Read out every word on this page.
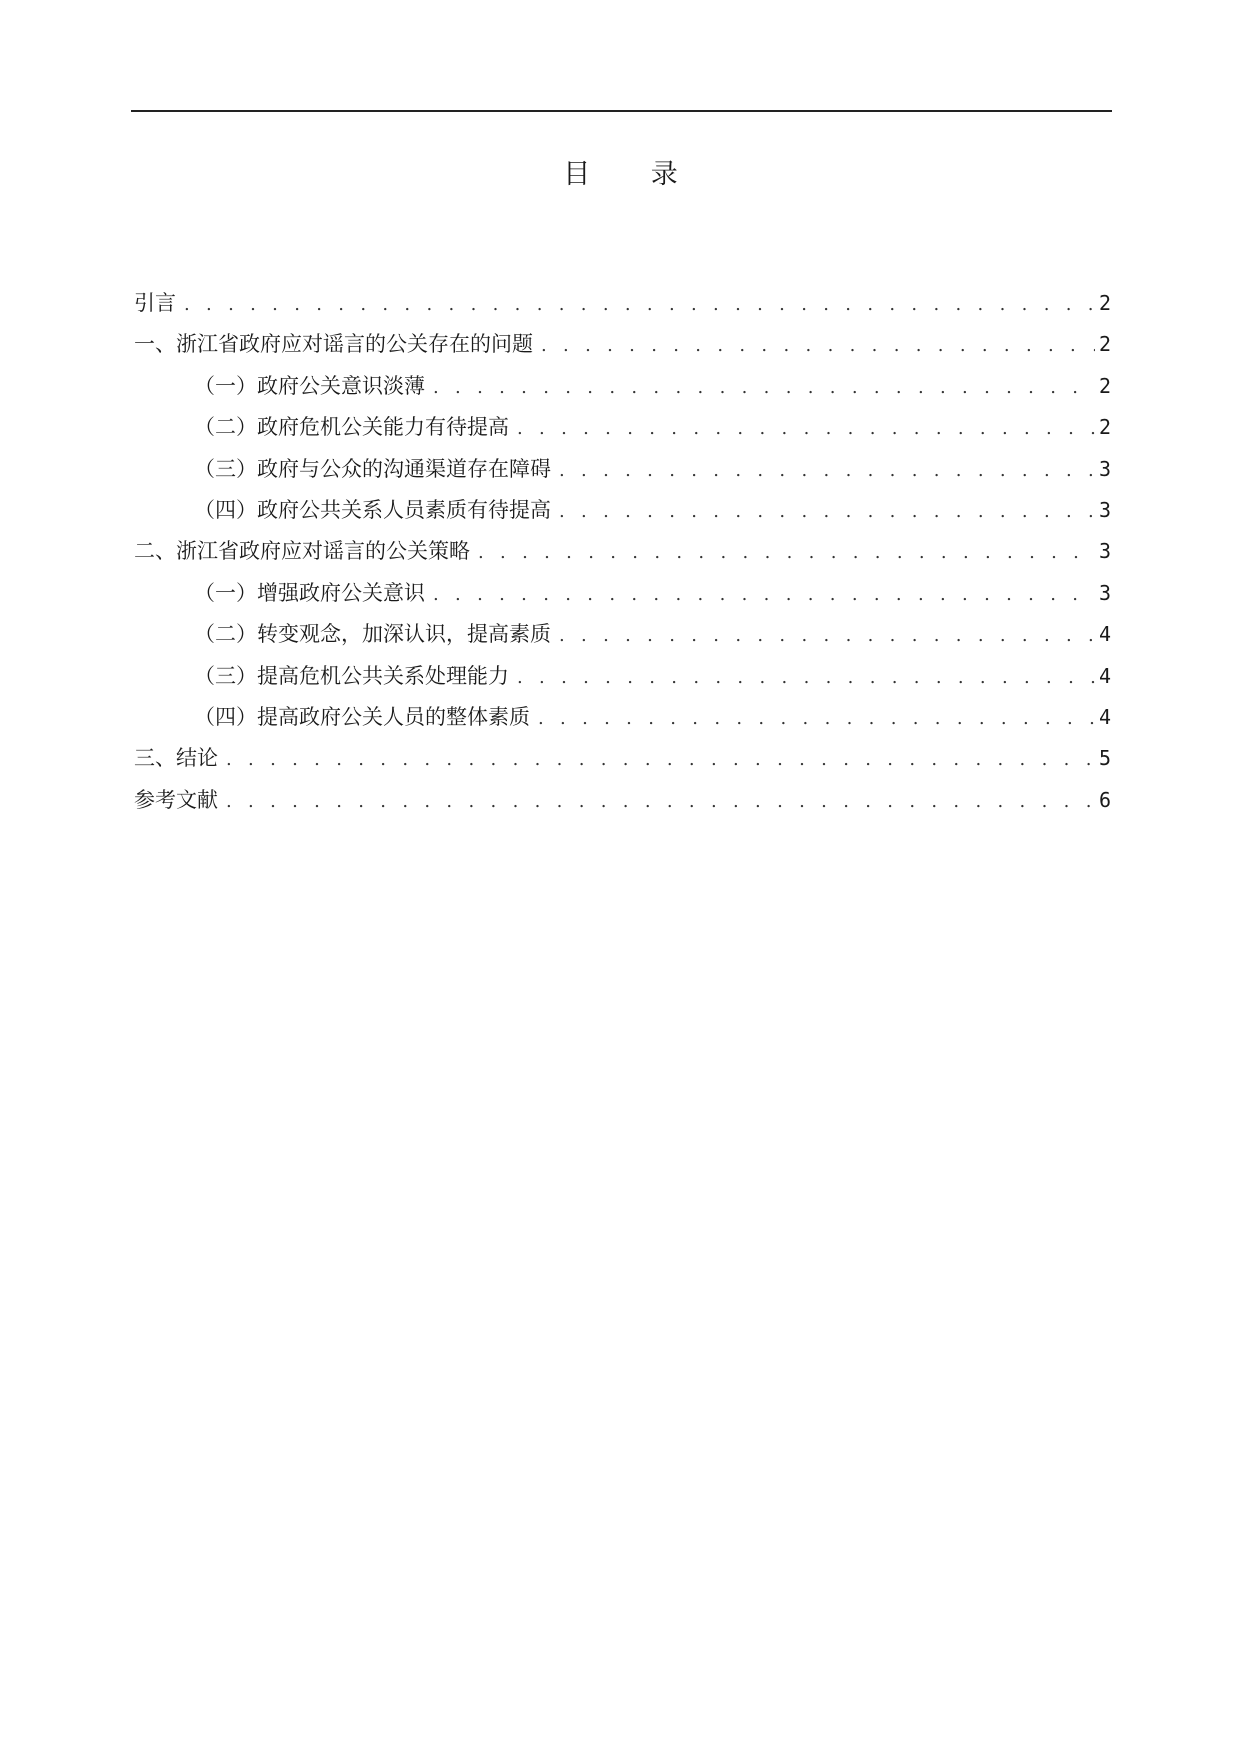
目 录
引言 . . .	2
一、浙江省政府应对谣言的公关存在的问题 . . .	2
（一）政府公关意识淡薄 . . .	2
（二）政府危机公关能力有待提高 . . .	2
（三）政府与公众的沟通渠道存在障碍 . . .	3
（四）政府公共关系人员素质有待提高 . . .	3
二、浙江省政府应对谣言的公关策略 . . .	3
（一）增强政府公关意识 . . .	3
（二）转变观念，加深认识，提高素质 . . .	4
（三）提高危机公共关系处理能力 . . .	4
（四）提高政府公关人员的整体素质 . . .	4
三、结论 . . .	5
参考文献 . . .	6
